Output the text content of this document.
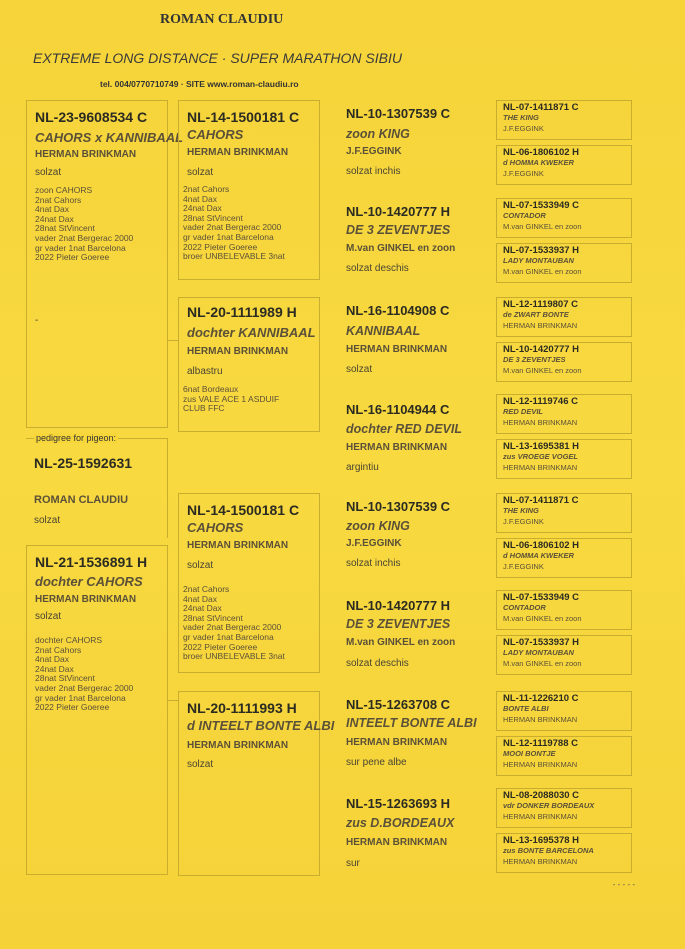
ROMAN CLAUDIU
EXTREME LONG DISTANCE · SUPER MARATHON SIBIU
tel. 004/0770710749 · SITE www.roman-claudiu.ro
pedigree for pigeon:
NL-25-1592631
ROMAN CLAUDIU
solzat
NL-23-9608534 C
CAHORS x KANNIBAAL
HERMAN BRINKMAN
solzat
zoon CAHORS
2nat Cahors
4nat Dax
24nat Dax
28nat StVincent
vader 2nat Bergerac 2000
gr vader 1nat Barcelona
2022 Pieter Goeree
-
NL-21-1536891 H
dochter CAHORS
HERMAN BRINKMAN
solzat
dochter CAHORS
2nat Cahors
4nat Dax
24nat Dax
28nat StVincent
vader 2nat Bergerac 2000
gr vader 1nat Barcelona
2022 Pieter Goeree
NL-14-1500181 C
CAHORS
HERMAN BRINKMAN
solzat
2nat Cahors
4nat Dax
24nat Dax
28nat StVincent
vader 2nat Bergerac 2000
gr vader 1nat Barcelona
2022 Pieter Goeree
broer UNBELEVABLE 3nat
NL-20-1111989 H
dochter KANNIBAAL
HERMAN BRINKMAN
albastru
6nat Bordeaux
zus VALE ACE 1 ASDUIF
CLUB FFC
NL-14-1500181 C
CAHORS
HERMAN BRINKMAN
solzat
2nat Cahors
4nat Dax
24nat Dax
28nat StVincent
vader 2nat Bergerac 2000
gr vader 1nat Barcelona
2022 Pieter Goeree
broer UNBELEVABLE 3nat
NL-20-1111993 H
d INTEELT BONTE ALBI
HERMAN BRINKMAN
solzat
NL-10-1307539 C
zoon KING
J.F.EGGINK
solzat inchis
NL-10-1420777 H
DE 3 ZEVENTJES
M.van GINKEL en zoon
solzat deschis
NL-16-1104908 C
KANNIBAAL
HERMAN BRINKMAN
solzat
NL-16-1104944 C
dochter RED DEVIL
HERMAN BRINKMAN
argintiu
NL-10-1307539 C
zoon KING
J.F.EGGINK
solzat inchis
NL-10-1420777 H
DE 3 ZEVENTJES
M.van GINKEL en zoon
solzat deschis
NL-15-1263708 C
INTEELT BONTE ALBI
HERMAN BRINKMAN
sur pene albe
NL-15-1263693 H
zus D.BORDEAUX
HERMAN BRINKMAN
sur
NL-07-1411871 C
THE KING
J.F.EGGINK
NL-06-1806102 H
d HOMMA KWEKER
J.F.EGGINK
NL-07-1533949 C
CONTADOR
M.van GINKEL en zoon
NL-07-1533937 H
LADY MONTAUBAN
M.van GINKEL en zoon
NL-12-1119807 C
de ZWART BONTE
HERMAN BRINKMAN
NL-10-1420777 H
DE 3 ZEVENTJES
M.van GINKEL en zoon
NL-12-1119746 C
RED DEVIL
HERMAN BRINKMAN
NL-13-1695381 H
zus VROEGE VOGEL
HERMAN BRINKMAN
NL-07-1411871 C
THE KING
J.F.EGGINK
NL-06-1806102 H
d HOMMA KWEKER
J.F.EGGINK
NL-07-1533949 C
CONTADOR
M.van GINKEL en zoon
NL-07-1533937 H
LADY MONTAUBAN
M.van GINKEL en zoon
NL-11-1226210 C
BONTE ALBI
HERMAN BRINKMAN
NL-12-1119788 C
MOOI BONTJE
HERMAN BRINKMAN
NL-08-2088030 C
vdr DONKER BORDEAUX
HERMAN BRINKMAN
NL-13-1695378 H
zus BONTE BARCELONA
HERMAN BRINKMAN
- - - - -
